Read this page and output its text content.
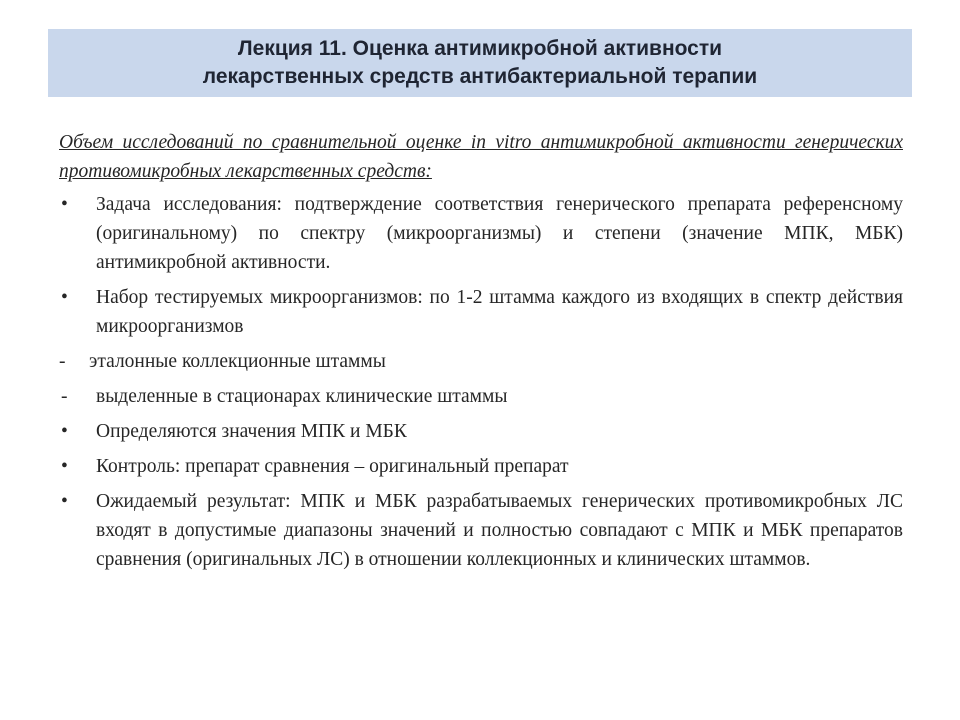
Лекция 11. Оценка антимикробной активности
лекарственных средств антибактериальной терапии
Объем исследований по сравнительной оценке in vitro антимикробной активности генерических противомикробных лекарственных средств:
• Задача исследования: подтверждение соответствия генерического препарата референсному (оригинальному) по спектру (микроорганизмы) и степени (значение МПК, МБК) антимикробной активности.
• Набор тестируемых микроорганизмов: по 1-2 штамма каждого из входящих в спектр действия микроорганизмов
- эталонные коллекционные штаммы
- выделенные в стационарах клинические штаммы
• Определяются значения МПК и МБК
• Контроль: препарат сравнения – оригинальный препарат
• Ожидаемый результат: МПК и МБК разрабатываемых генерических противомикробных ЛС входят в допустимые диапазоны значений и полностью совпадают с МПК и МБК препаратов сравнения (оригинальных ЛС) в отношении коллекционных и клинических штаммов.
